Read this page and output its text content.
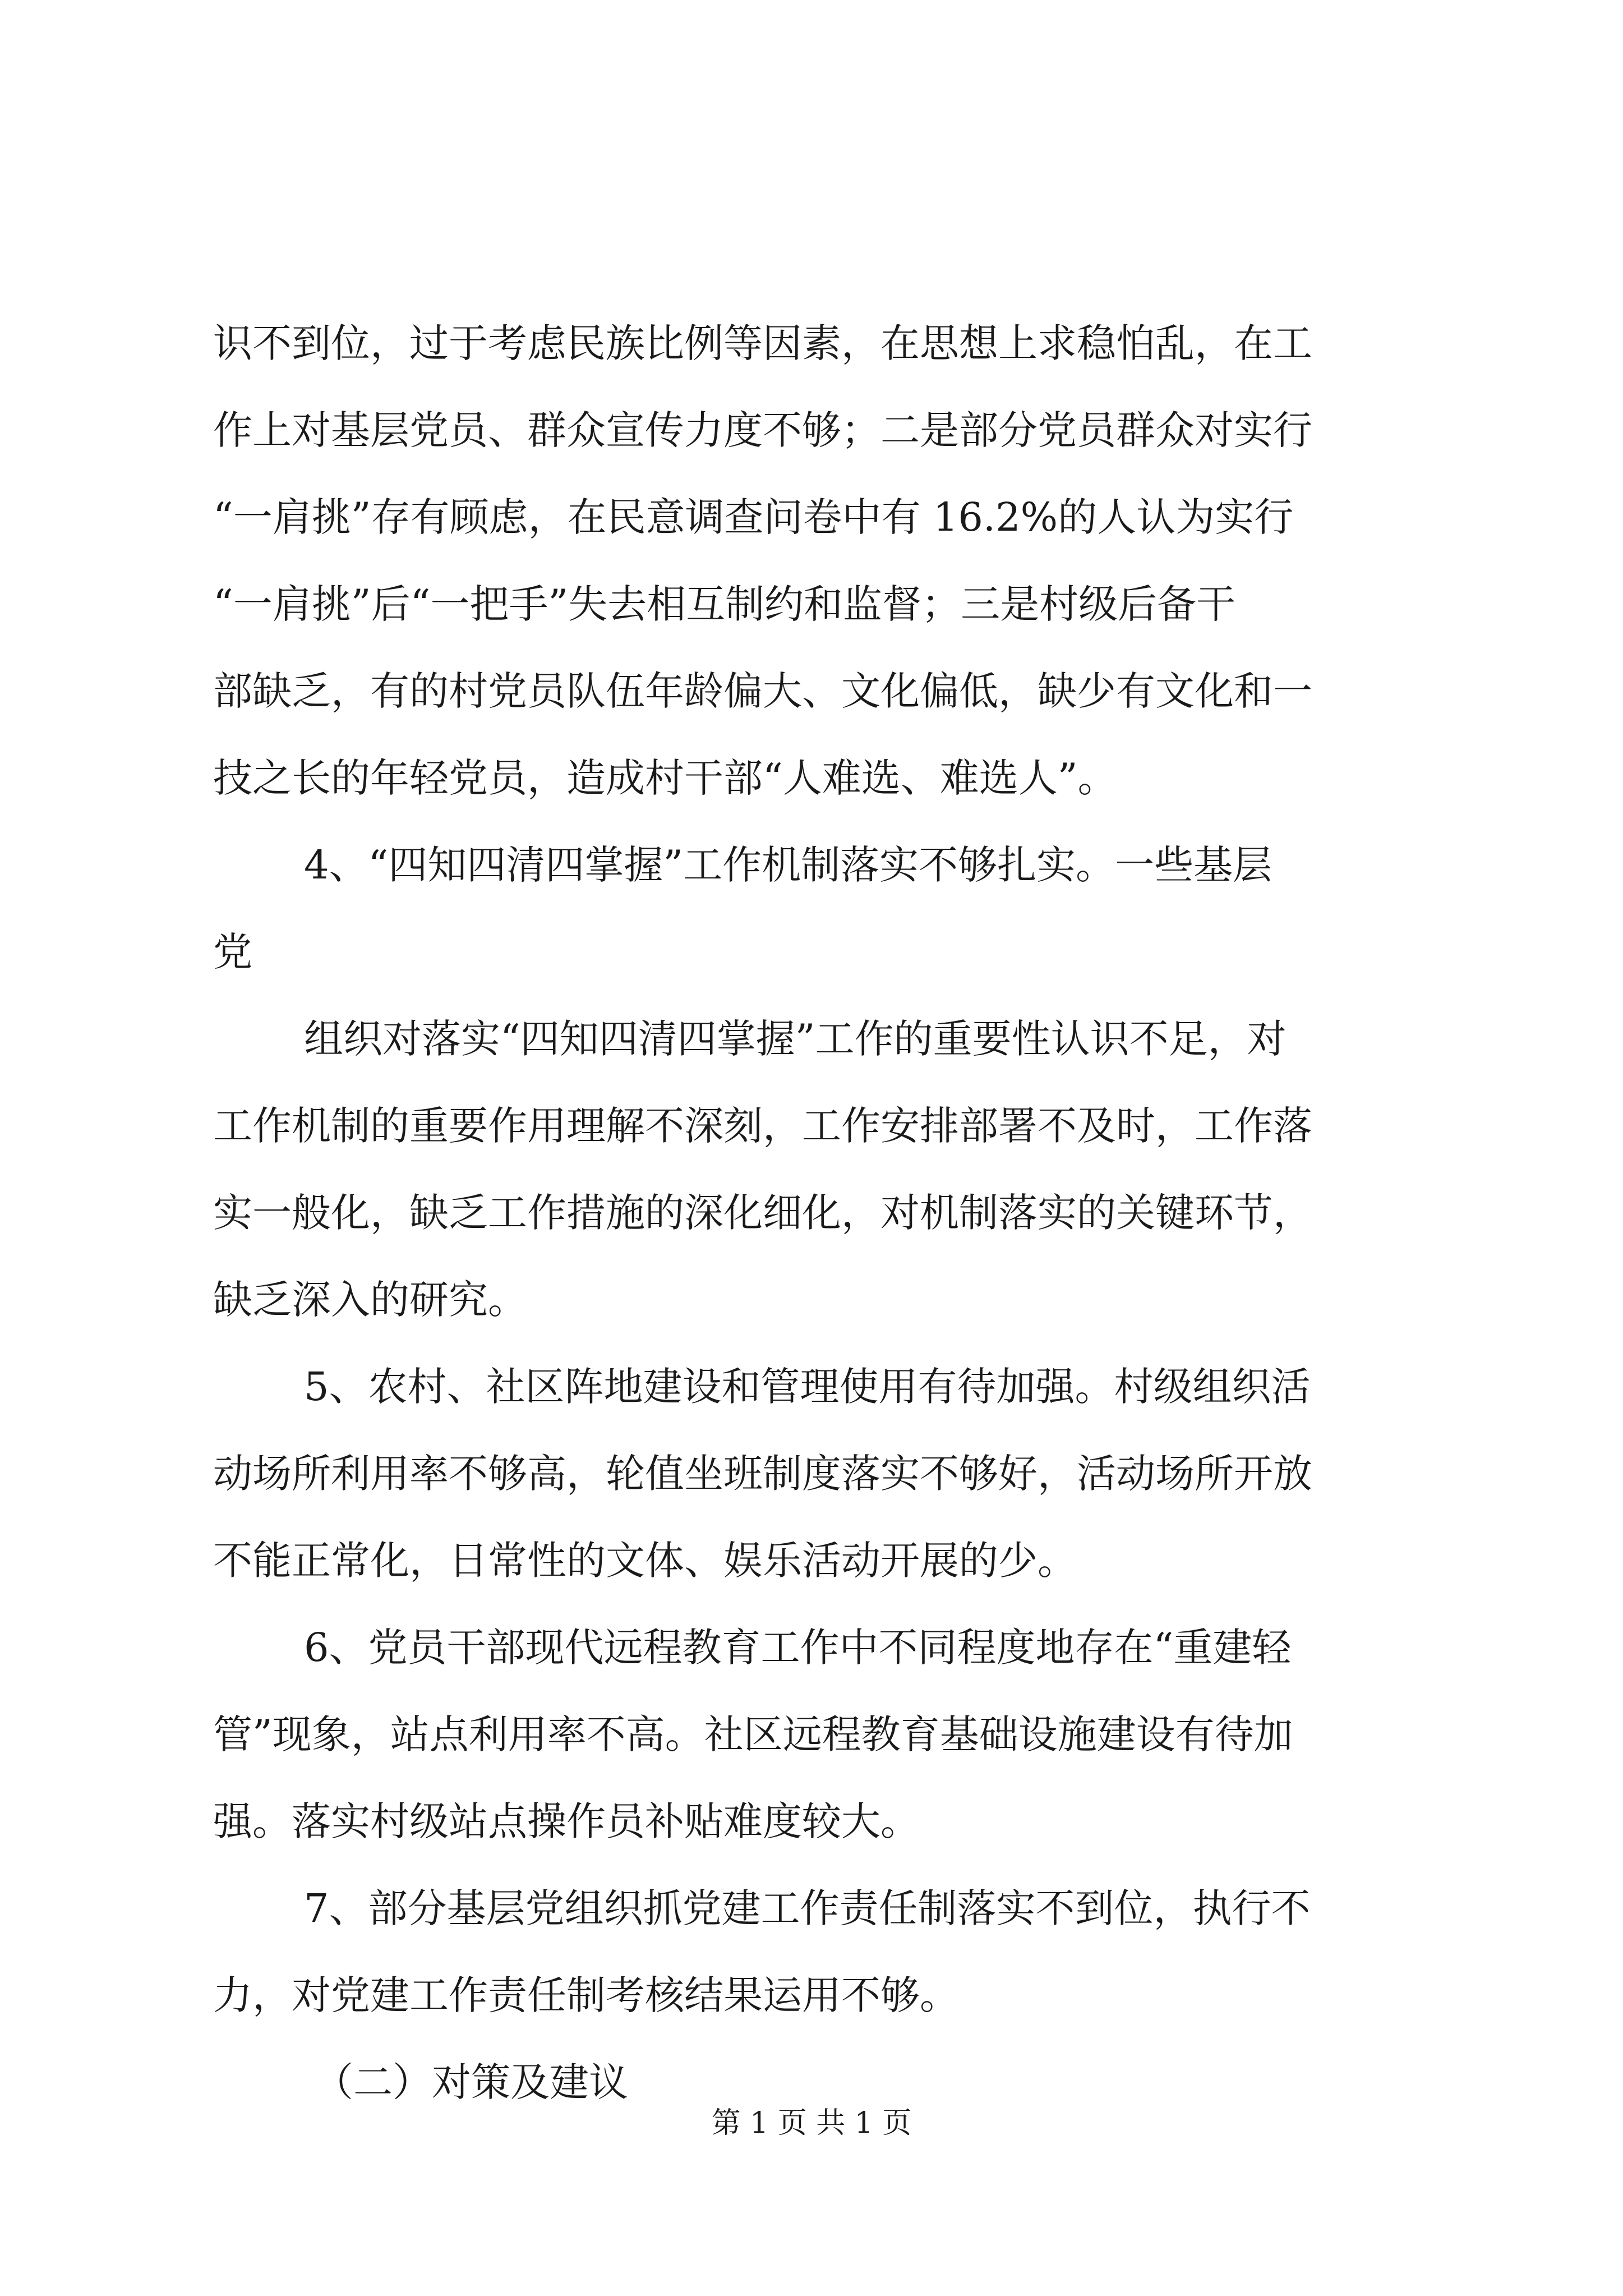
识不到位，过于考虑民族比例等因素，在思想上求稳怕乱，在工
作上对基层党员、群众宣传力度不够；二是部分党员群众对实行
“一肩挑”存有顾虑，在民意调查问卷中有 16.2%的人认为实行
“一肩挑”后“一把手”失去相互制约和监督；三是村级后备干
部缺乏，有的村党员队伍年龄偏大、文化偏低，缺少有文化和一
技之长的年轻党员，造成村干部“人难选、难选人”。
4、“四知四清四掌握”工作机制落实不够扎实。一些基层
党
组织对落实“四知四清四掌握”工作的重要性认识不足，对
工作机制的重要作用理解不深刻，工作安排部署不及时，工作落
实一般化，缺乏工作措施的深化细化，对机制落实的关键环节，
缺乏深入的研究。
5、农村、社区阵地建设和管理使用有待加强。村级组织活
动场所利用率不够高，轮值坐班制度落实不够好，活动场所开放
不能正常化，日常性的文体、娱乐活动开展的少。
6、党员干部现代远程教育工作中不同程度地存在“重建轻
管”现象，站点利用率不高。社区远程教育基础设施建设有待加
强。落实村级站点操作员补贴难度较大。
7、部分基层党组织抓党建工作责任制落实不到位，执行不
力，对党建工作责任制考核结果运用不够。
（二）对策及建议
第 1 页 共 1 页
